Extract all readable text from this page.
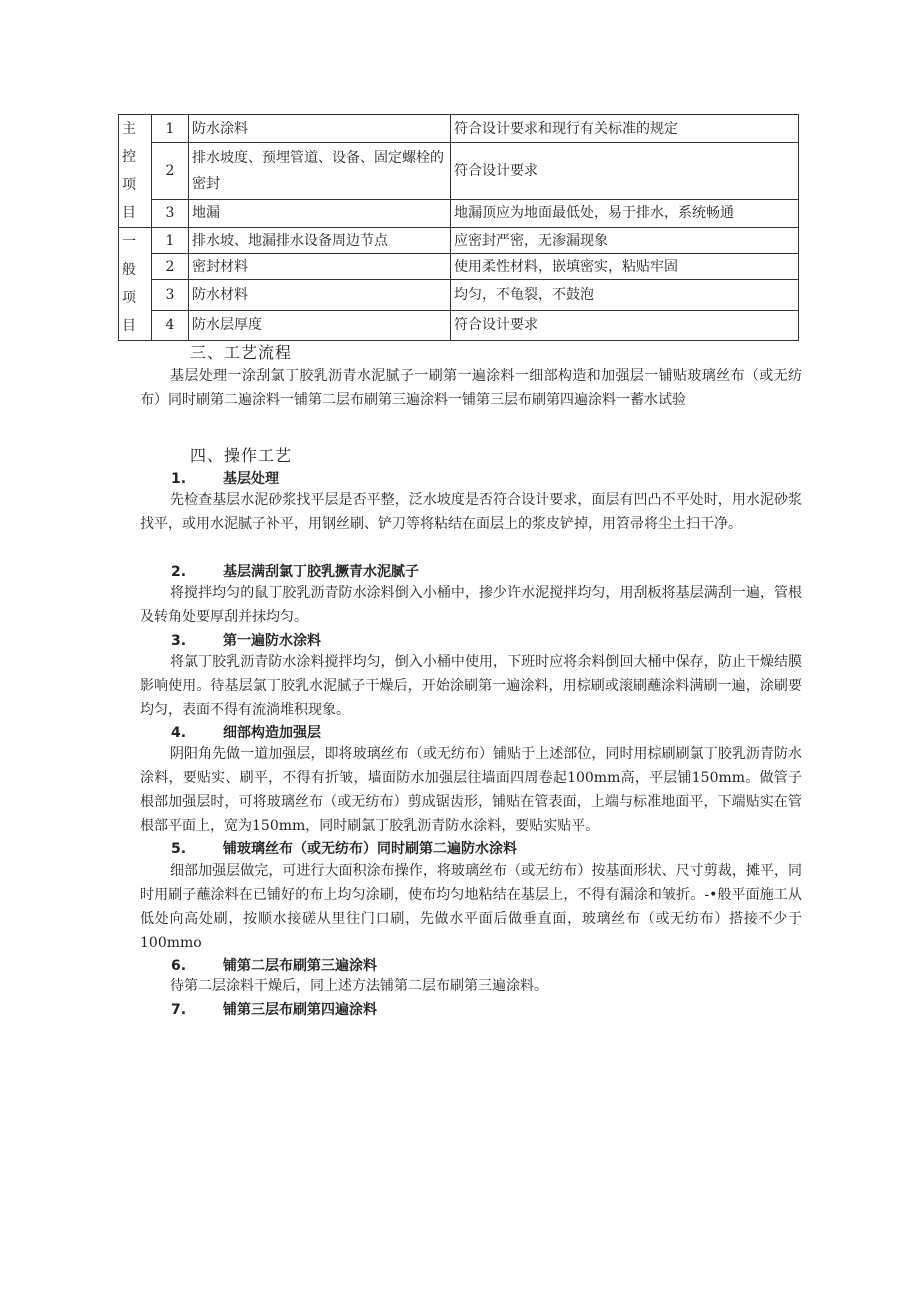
主
控
项
目	1	防水涂料	符合设计要求和现行有关标准的规定
	2	排水坡度、预埋管道、设备、固定螺栓的密封	符合设计要求
	3	地漏	地漏顶应为地面最低处，易于排水，系统畅通

一
般
项
目	1	排水坡、地漏排水设备周边节点	应密封严密，无渗漏现象
	2	密封材料	使用柔性材料，嵌填密实，粘贴牢固
	3	防水材料	均匀，不龟裂，不鼓泡
	4	防水层厚度	符合设计要求
三、工艺流程
基层处理一涂刮氯丁胶乳沥青水泥腻子一刷第一遍涂料一细部构造和加强层一铺贴玻璃丝布（或无纺布）同时刷第二遍涂料一铺第二层布刷第三遍涂料一铺第三层布刷第四遍涂料一蓄水试验
四、操作工艺
1.	基层处理
先检查基层水泥砂浆找平层是否平整，泛水坡度是否符合设计要求，面层有凹凸不平处时，用水泥砂浆找平，或用水泥腻子补平，用钢丝刷、铲刀等将粘结在面层上的浆皮铲掉，用笤帚将尘土扫干净。
2.	基层满刮氯丁胶乳撅青水泥腻子
将搅拌均匀的鼠丁胶乳沥青防水涂料倒入小桶中，掺少许水泥搅拌均匀，用刮板将基层满刮一遍，管根及转角处要厚刮并抹均匀。
3.	第一遍防水涂料
将氯丁胶乳沥青防水涂料搅拌均匀，倒入小桶中使用，下班时应将余料倒回大桶中保存，防止干燥结膜影响使用。待基层氯丁胶乳水泥腻子干燥后，开始涂刷第一遍涂料，用棕刷或滚刷蘸涂料满刷一遍，涂刷要均匀，表面不得有流淌堆积现象。
4.	细部构造加强层
阴阳角先做一道加强层，即将玻璃丝布（或无纺布）铺贴于上述部位，同时用棕刷刷氯丁胶乳沥青防水涂料，要贴实、刷平，不得有折皱，墙面防水加强层往墙面四周卷起100mm高，平层铺150mm。做管子根部加强层时，可将玻璃丝布（或无纺布）剪成锯齿形，铺贴在管表面，上端与标准地面平，下端贴实在管根部平面上，宽为150mm，同时刷氯丁胶乳沥青防水涂料，要贴实贴平。
5.	铺玻璃丝布（或无纺布）同时刷第二遍防水涂料
细部加强层做完，可进行大面积涂布操作，将玻璃丝布（或无纺布）按基面形状、尺寸剪裁，摊平，同时用刷子蘸涂料在已铺好的布上均匀涂刷，使布均匀地粘结在基层上，不得有漏涂和皱折。-•般平面施工从低处向高处刷，按顺水接磋从里往门口刷，先做水平面后做垂直面，玻璃丝布（或无纺布）搭接不少于100mmo
6.	铺第二层布刷第三遍涂料
待第二层涂料干燥后，同上述方法铺第二层布刷第三遍涂料。
7.	铺第三层布刷第四遍涂料
